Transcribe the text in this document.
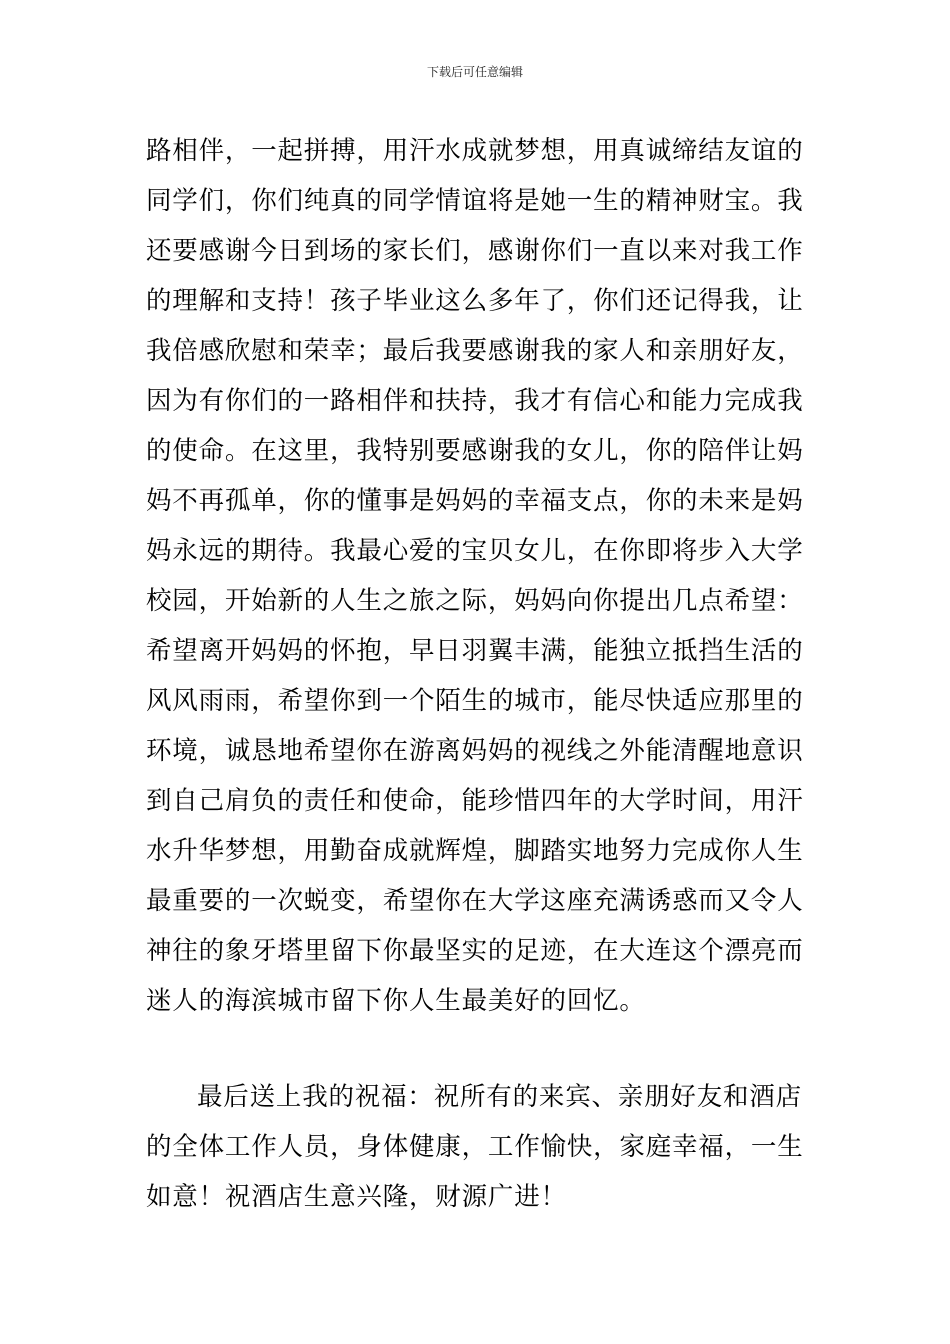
下载后可任意编辑
路相伴，一起拼搏，用汗水成就梦想，用真诚缔结友谊的
同学们，你们纯真的同学情谊将是她一生的精神财宝。我
还要感谢今日到场的家长们，感谢你们一直以来对我工作
的理解和支持！孩子毕业这么多年了，你们还记得我，让
我倍感欣慰和荣幸；最后我要感谢我的家人和亲朋好友，
因为有你们的一路相伴和扶持，我才有信心和能力完成我
的使命。在这里，我特别要感谢我的女儿，你的陪伴让妈
妈不再孤单，你的懂事是妈妈的幸福支点，你的未来是妈
妈永远的期待。我最心爱的宝贝女儿，在你即将步入大学
校园，开始新的人生之旅之际，妈妈向你提出几点希望：
希望离开妈妈的怀抱，早日羽翼丰满，能独立抵挡生活的
风风雨雨，希望你到一个陌生的城市，能尽快适应那里的
环境，诚恳地希望你在游离妈妈的视线之外能清醒地意识
到自己肩负的责任和使命，能珍惜四年的大学时间，用汗
水升华梦想，用勤奋成就辉煌，脚踏实地努力完成你人生
最重要的一次蜕变，希望你在大学这座充满诱惑而又令人
神往的象牙塔里留下你最坚实的足迹，在大连这个漂亮而
迷人的海滨城市留下你人生最美好的回忆。
最后送上我的祝福：祝所有的来宾、亲朋好友和酒店
的全体工作人员，身体健康，工作愉快，家庭幸福，一生
如意！祝酒店生意兴隆，财源广进！
